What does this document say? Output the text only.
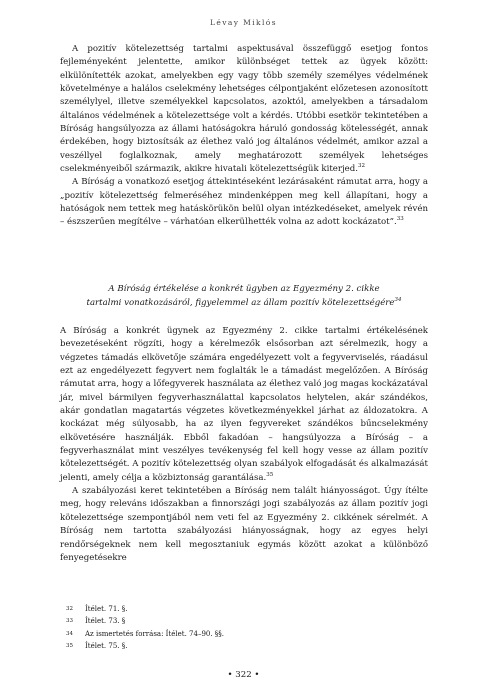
Lévay Miklós

A pozitív kötelezettség tartalmi aspektusával összefüggő esetjog fontos fejleményeként jelentette, amikor különbséget tettek az ügyek között: elkülönítették azokat, amelyekben egy vagy több személy személyes védelmének követelménye a halálos cselekmény lehetséges célpontjaként előzetesen azonosított személylyel, illetve személyekkel kapcsolatos, azoktól, amelyekben a társadalom általános védelmének a kötelezettsége volt a kérdés. Utóbbi esetkör tekintetében a Bíróság hangsúlyozza az állami hatóságokra háruló gondosság kötelességét, annak érdekében, hogy biztosítsák az élethez való jog általános védelmét, amikor azzal a veszéllyel foglalkoznak, amely meghatározott személyek lehetséges cselekményeiből származik, akikre hivatali kötelezettségük kiterjed.$^{32}$

A Bíróság a vonatkozó esetjog áttekintéseként lezárásaként rámutat arra, hogy a „pozitív kötelezettség felmeréséhez mindenképpen meg kell állapítani, hogy a hatóságok nem tettek meg hatáskörükön belül olyan intézkedéseket, amelyek révén – észszerűen megítélve – várhatóan elkerülhették volna az adott kockázatot”.$^{33}$

A Bíróság értékelése a konkrét ügyben az Egyezmény 2. cikke
tartalmi vonatkozásáról, figyelemmel az állam pozitív kötelezettségére$^{34}$

A Bíróság a konkrét ügynek az Egyezmény 2. cikke tartalmi értékelésének bevezetéseként rögzíti, hogy a kérelmezők elsősorban azt sérelmezik, hogy a végzetes támadás elkövetője számára engedélyezett volt a fegyverviselés, ráadásul ezt az engedélyezett fegyvert nem foglalták le a támadást megelőzően. A Bíróság rámutat arra, hogy a lőfegyverek használata az élethez való jog magas kockázatával jár, mivel bármilyen fegyverhasználattal kapcsolatos helytelen, akár szándékos, akár gondatlan magatartás végzetes következményekkel járhat az áldozatokra. A kockázat még súlyosabb, ha az ilyen fegyvereket szándékos bűncselekmény elkövetésére használják. Ebből fakadóan – hangsúlyozza a Bíróság – a fegyverhasználat mint veszélyes tevékenység fel kell hogy vesse az állam pozitív kötelezettségét. A pozitív kötelezettség olyan szabályok elfogadását és alkalmazását jelenti, amely célja a közbiztonság garantálása.$^{35}$

A szabályozási keret tekintetében a Bíróság nem talált hiányosságot. Úgy ítélte meg, hogy releváns időszakban a finnországi jogi szabályozás az állam pozitív jogi kötelezettsége szempontjából nem veti fel az Egyezmény 2. cikkének sérelmét. A Bíróság nem tartotta szabályozási hiányosságnak, hogy az egyes helyi rendőrségeknek nem kell megosztaniuk egymás között azokat a különböző fenyegetésekre

32	Ítélet. 71. §.
33	Ítélet. 73. §
34	Az ismertetés forrása: Ítélet. 74–90. §§.
35	Ítélet. 75. §.
• 322 •
